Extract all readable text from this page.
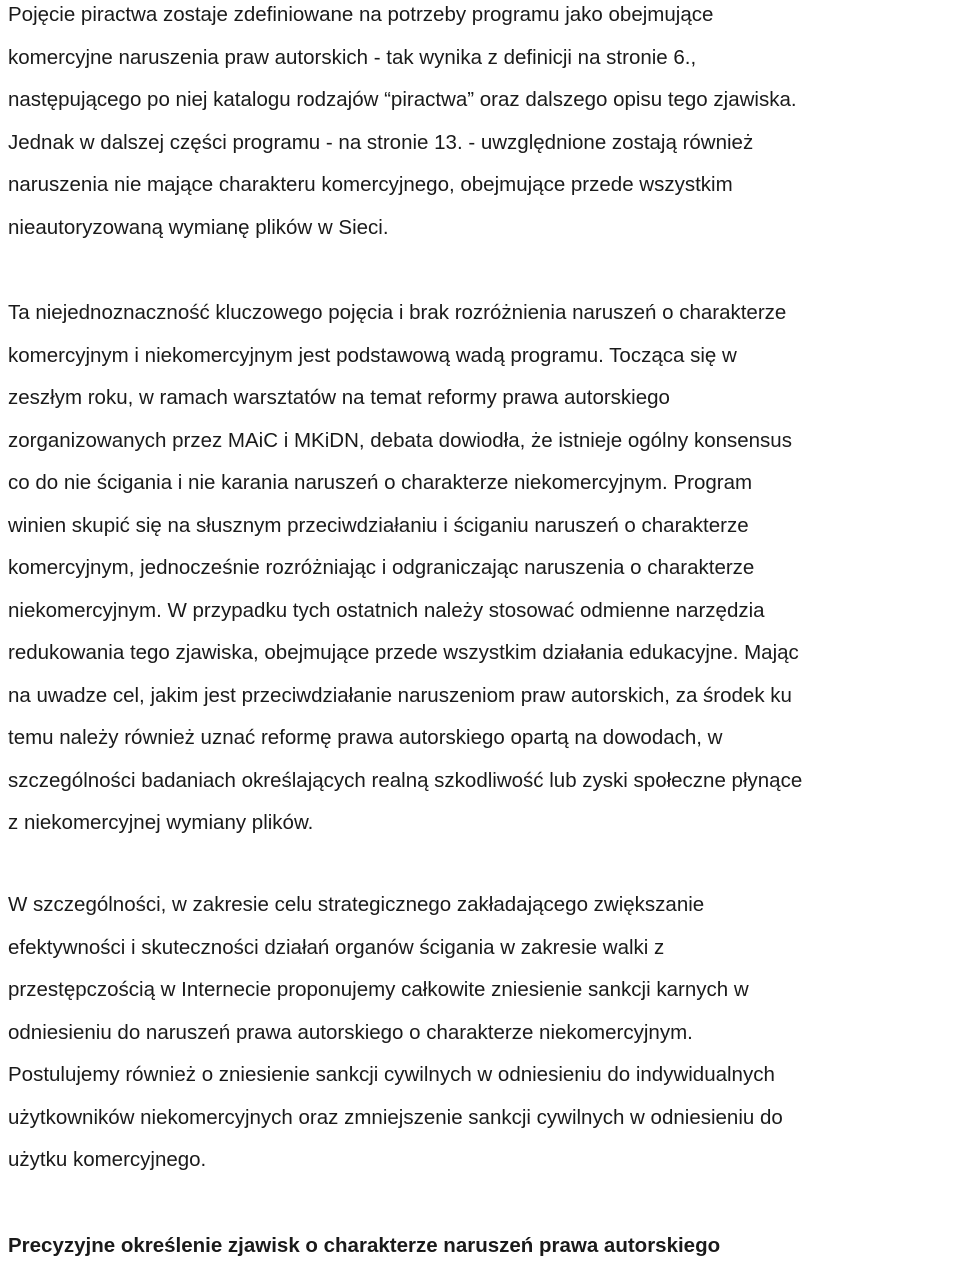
Pojęcie piractwa zostaje zdefiniowane na potrzeby programu jako obejmujące
komercyjne naruszenia praw autorskich - tak wynika z definicji na stronie 6.,
następującego po niej katalogu rodzajów “piractwa” oraz dalszego opisu tego zjawiska.
Jednak w dalszej części programu - na stronie 13. - uwzględnione zostają również
naruszenia nie mające charakteru komercyjnego, obejmujące przede wszystkim
nieautoryzowaną wymianę plików w Sieci.
Ta niejednoznaczność kluczowego pojęcia i brak rozróżnienia naruszeń o charakterze
komercyjnym i niekomercyjnym jest podstawową wadą programu. Tocząca się w
zeszłym roku, w ramach warsztatów na temat reformy prawa autorskiego
zorganizowanych przez MAiC i MKiDN, debata dowiodła, że istnieje ogólny konsensus
co do nie ścigania i nie karania naruszeń o charakterze niekomercyjnym. Program
winien skupić się na słusznym przeciwdziałaniu i ściganiu naruszeń o charakterze
komercyjnym, jednocześnie rozróżniając i odgraniczając naruszenia o charakterze
niekomercyjnym. W przypadku tych ostatnich należy stosować odmienne narzędzia
redukowania tego zjawiska, obejmujące przede wszystkim działania edukacyjne. Mając
na uwadze cel, jakim jest przeciwdziałanie naruszeniom praw autorskich, za środek ku
temu należy również uznać reformę prawa autorskiego opartą na dowodach, w
szczególności badaniach określających realną szkodliwość lub zyski społeczne płynące
z niekomercyjnej wymiany plików.
W szczególności, w zakresie celu strategicznego zakładającego zwiększanie
efektywności i skuteczności działań organów ścigania w zakresie walki z
przestępczością w Internecie proponujemy całkowite zniesienie sankcji karnych w
odniesieniu do naruszeń prawa autorskiego o charakterze niekomercyjnym.
Postulujemy również o zniesienie sankcji cywilnych w odniesieniu do indywidualnych
użytkowników niekomercyjnych oraz zmniejszenie sankcji cywilnych w odniesieniu do
użytku komercyjnego.
Precyzyjne określenie zjawisk o charakterze naruszeń prawa autorskiego
